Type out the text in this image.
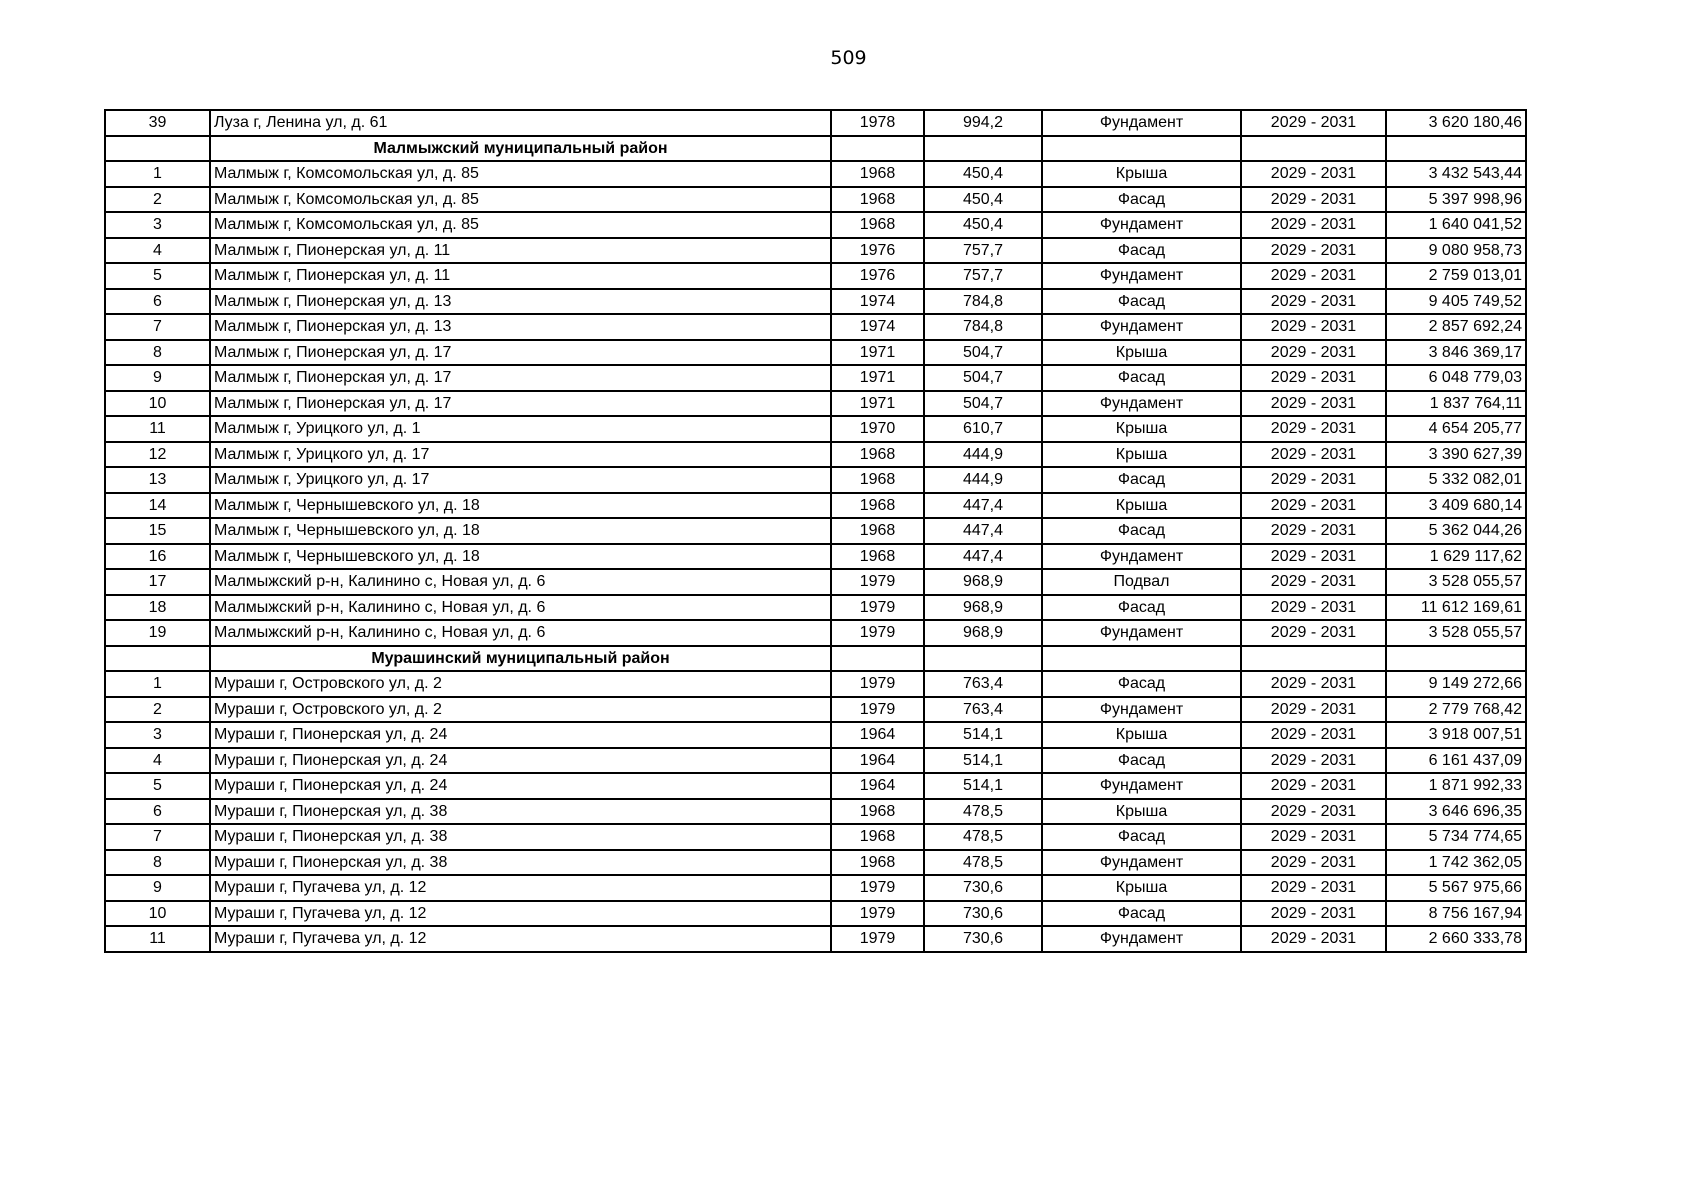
509
39	Луза г, Ленина ул, д. 61	1978	994,2	Фундамент	2029 - 2031	3 620 180,46
	Малмыжский муниципальный район					
1	Малмыж г, Комсомольская ул, д. 85	1968	450,4	Крыша	2029 - 2031	3 432 543,44
2	Малмыж г, Комсомольская ул, д. 85	1968	450,4	Фасад	2029 - 2031	5 397 998,96
3	Малмыж г, Комсомольская ул, д. 85	1968	450,4	Фундамент	2029 - 2031	1 640 041,52
4	Малмыж г, Пионерская ул, д. 11	1976	757,7	Фасад	2029 - 2031	9 080 958,73
5	Малмыж г, Пионерская ул, д. 11	1976	757,7	Фундамент	2029 - 2031	2 759 013,01
6	Малмыж г, Пионерская ул, д. 13	1974	784,8	Фасад	2029 - 2031	9 405 749,52
7	Малмыж г, Пионерская ул, д. 13	1974	784,8	Фундамент	2029 - 2031	2 857 692,24
8	Малмыж г, Пионерская ул, д. 17	1971	504,7	Крыша	2029 - 2031	3 846 369,17
9	Малмыж г, Пионерская ул, д. 17	1971	504,7	Фасад	2029 - 2031	6 048 779,03
10	Малмыж г, Пионерская ул, д. 17	1971	504,7	Фундамент	2029 - 2031	1 837 764,11
11	Малмыж г, Урицкого ул, д. 1	1970	610,7	Крыша	2029 - 2031	4 654 205,77
12	Малмыж г, Урицкого ул, д. 17	1968	444,9	Крыша	2029 - 2031	3 390 627,39
13	Малмыж г, Урицкого ул, д. 17	1968	444,9	Фасад	2029 - 2031	5 332 082,01
14	Малмыж г, Чернышевского ул, д. 18	1968	447,4	Крыша	2029 - 2031	3 409 680,14
15	Малмыж г, Чернышевского ул, д. 18	1968	447,4	Фасад	2029 - 2031	5 362 044,26
16	Малмыж г, Чернышевского ул, д. 18	1968	447,4	Фундамент	2029 - 2031	1 629 117,62
17	Малмыжский р-н, Калинино с, Новая ул, д. 6	1979	968,9	Подвал	2029 - 2031	3 528 055,57
18	Малмыжский р-н, Калинино с, Новая ул, д. 6	1979	968,9	Фасад	2029 - 2031	11 612 169,61
19	Малмыжский р-н, Калинино с, Новая ул, д. 6	1979	968,9	Фундамент	2029 - 2031	3 528 055,57
	Мурашинский муниципальный район					
1	Мураши г, Островского ул, д. 2	1979	763,4	Фасад	2029 - 2031	9 149 272,66
2	Мураши г, Островского ул, д. 2	1979	763,4	Фундамент	2029 - 2031	2 779 768,42
3	Мураши г, Пионерская ул, д. 24	1964	514,1	Крыша	2029 - 2031	3 918 007,51
4	Мураши г, Пионерская ул, д. 24	1964	514,1	Фасад	2029 - 2031	6 161 437,09
5	Мураши г, Пионерская ул, д. 24	1964	514,1	Фундамент	2029 - 2031	1 871 992,33
6	Мураши г, Пионерская ул, д. 38	1968	478,5	Крыша	2029 - 2031	3 646 696,35
7	Мураши г, Пионерская ул, д. 38	1968	478,5	Фасад	2029 - 2031	5 734 774,65
8	Мураши г, Пионерская ул, д. 38	1968	478,5	Фундамент	2029 - 2031	1 742 362,05
9	Мураши г, Пугачева ул, д. 12	1979	730,6	Крыша	2029 - 2031	5 567 975,66
10	Мураши г, Пугачева ул, д. 12	1979	730,6	Фасад	2029 - 2031	8 756 167,94
11	Мураши г, Пугачева ул, д. 12	1979	730,6	Фундамент	2029 - 2031	2 660 333,78
